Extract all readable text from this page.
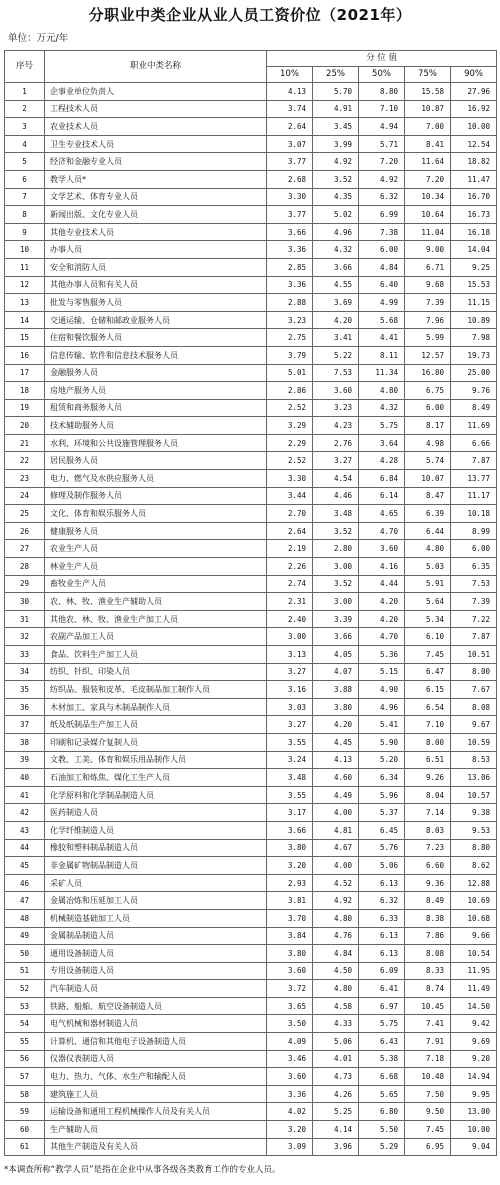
分职业中类企业从业人员工资价位（2021年）
单位：万元/年
序号	职业中类名称	分 位 值				
		10%	25%	50%	75%	90%
1	企事业单位负责人	4.13	5.70	8.80	15.58	27.96
2	工程技术人员	3.74	4.91	7.10	10.87	16.92
3	农业技术人员	2.64	3.45	4.94	7.00	10.00
4	卫生专业技术人员	3.07	3.99	5.71	8.41	12.54
5	经济和金融专业人员	3.77	4.92	7.20	11.64	18.82
6	教学人员*	2.68	3.52	4.92	7.20	11.47
7	文学艺术、体育专业人员	3.30	4.35	6.32	10.34	16.70
8	新闻出版、文化专业人员	3.77	5.02	6.99	10.64	16.73
9	其他专业技术人员	3.66	4.96	7.38	11.04	16.18
10	办事人员	3.36	4.32	6.00	9.00	14.04
11	安全和消防人员	2.85	3.66	4.84	6.71	9.25
12	其他办事人员和有关人员	3.36	4.55	6.40	9.68	15.53
13	批发与零售服务人员	2.88	3.69	4.99	7.39	11.15
14	交通运输、仓储和邮政业服务人员	3.23	4.20	5.68	7.96	10.89
15	住宿和餐饮服务人员	2.75	3.41	4.41	5.99	7.98
16	信息传输、软件和信息技术服务人员	3.79	5.22	8.11	12.57	19.73
17	金融服务人员	5.01	7.53	11.34	16.80	25.00
18	房地产服务人员	2.86	3.60	4.80	6.75	9.76
19	租赁和商务服务人员	2.52	3.23	4.32	6.00	8.49
20	技术辅助服务人员	3.29	4.23	5.75	8.17	11.69
21	水利、环境和公共设施管理服务人员	2.29	2.76	3.64	4.98	6.66
22	居民服务人员	2.52	3.27	4.28	5.74	7.87
23	电力、燃气及水供应服务人员	3.30	4.54	6.84	10.07	13.77
24	修理及制作服务人员	3.44	4.46	6.14	8.47	11.17
25	文化、体育和娱乐服务人员	2.70	3.48	4.65	6.39	10.18
26	健康服务人员	2.64	3.52	4.70	6.44	8.99
27	农业生产人员	2.19	2.80	3.60	4.80	6.00
28	林业生产人员	2.26	3.00	4.16	5.03	6.35
29	畜牧业生产人员	2.74	3.52	4.44	5.91	7.53
30	农、林、牧、渔业生产辅助人员	2.31	3.00	4.20	5.64	7.39
31	其他农、林、牧、渔业生产加工人员	2.40	3.39	4.20	5.34	7.22
32	农副产品加工人员	3.00	3.66	4.70	6.10	7.87
33	食品、饮料生产加工人员	3.13	4.05	5.36	7.45	10.51
34	纺织、针织、印染人员	3.27	4.07	5.15	6.47	8.00
35	纺织品、服装和皮革、毛皮制品加工制作人员	3.16	3.88	4.90	6.15	7.67
36	木材加工、家具与木制品制作人员	3.03	3.80	4.96	6.54	8.08
37	纸及纸制品生产加工人员	3.27	4.20	5.41	7.10	9.67
38	印刷和记录媒介复制人员	3.55	4.45	5.90	8.00	10.59
39	文教、工美、体育和娱乐用品制作人员	3.24	4.13	5.20	6.51	8.53
40	石油加工和炼焦、煤化工生产人员	3.48	4.60	6.34	9.26	13.06
41	化学原料和化学制品制造人员	3.55	4.49	5.96	8.04	10.57
42	医药制造人员	3.17	4.00	5.37	7.14	9.38
43	化学纤维制造人员	3.66	4.81	6.45	8.03	9.53
44	橡胶和塑料制品制造人员	3.80	4.67	5.76	7.23	8.80
45	非金属矿物制品制造人员	3.20	4.00	5.06	6.60	8.62
46	采矿人员	2.93	4.52	6.13	9.36	12.88
47	金属冶炼和压延加工人员	3.81	4.92	6.32	8.49	10.69
48	机械制造基础加工人员	3.70	4.80	6.33	8.38	10.68
49	金属制品制造人员	3.84	4.76	6.13	7.86	9.66
50	通用设备制造人员	3.80	4.84	6.13	8.08	10.54
51	专用设备制造人员	3.60	4.50	6.09	8.33	11.95
52	汽车制造人员	3.72	4.80	6.41	8.74	11.49
53	铁路、船舶、航空设备制造人员	3.65	4.58	6.97	10.45	14.50
54	电气机械和器材制造人员	3.50	4.33	5.75	7.41	9.42
55	计算机、通信和其他电子设备制造人员	4.09	5.06	6.43	7.91	9.69
56	仪器仪表制造人员	3.46	4.01	5.38	7.18	9.20
57	电力、热力、气体、水生产和输配人员	3.60	4.73	6.68	10.48	14.94
58	建筑施工人员	3.36	4.26	5.65	7.50	9.95
59	运输设备和通用工程机械操作人员及有关人员	4.02	5.25	6.80	9.50	13.00
60	生产辅助人员	3.20	4.14	5.50	7.45	10.00
61	其他生产制造及有关人员	3.09	3.96	5.29	6.95	9.04
*本调查所称“教学人员”是指在企业中从事各级各类教育工作的专业人员。
